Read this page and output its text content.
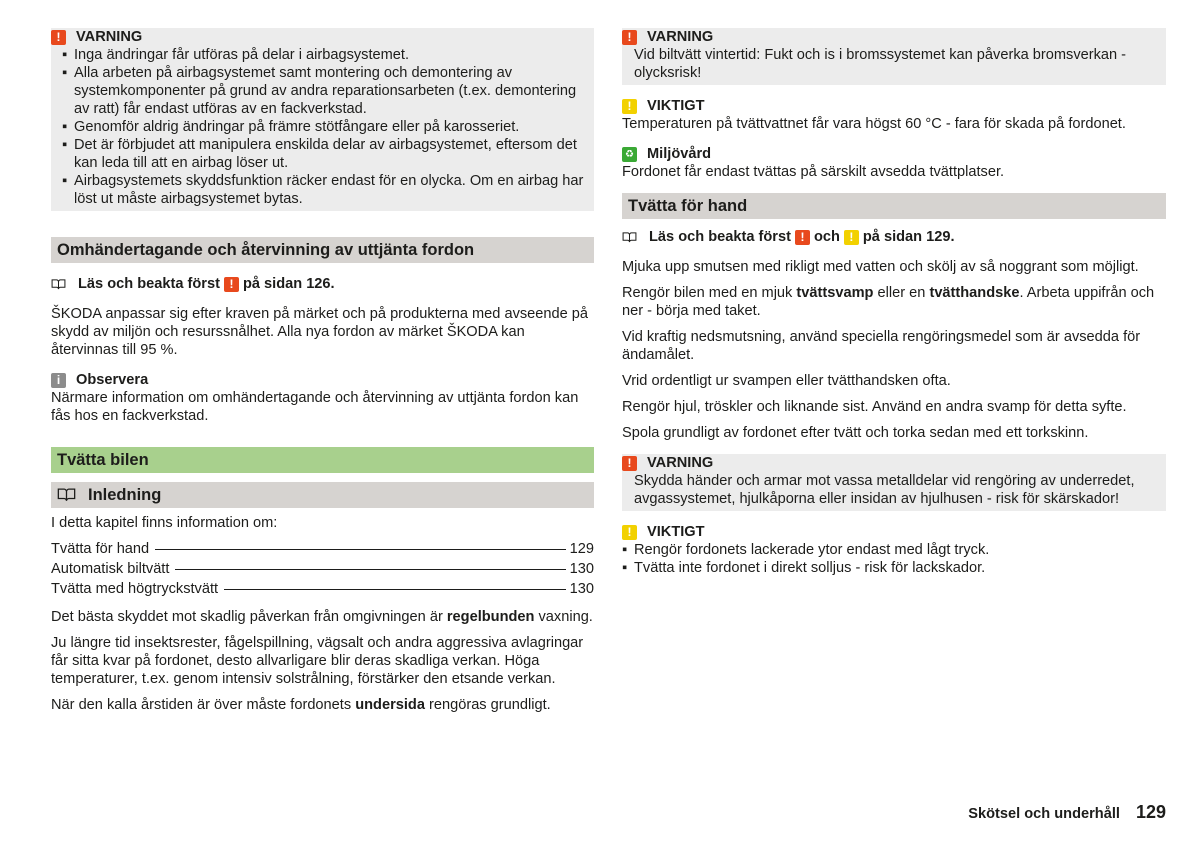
!	VARNING
▪ Inga ändringar får utföras på delar i airbagsystemet.
▪ Alla arbeten på airbagsystemet samt montering och demontering av systemkomponenter på grund av andra reparationsarbeten (t.ex. demontering av ratt) får endast utföras av en fackverkstad.
▪ Genomför aldrig ändringar på främre stötfångare eller på karosseriet.
▪ Det är förbjudet att manipulera enskilda delar av airbagsystemet, eftersom det kan leda till att en airbag löser ut.
▪ Airbagsystemets skyddsfunktion räcker endast för en olycka. Om en airbag har löst ut måste airbagsystemet bytas.
Omhändertagande och återvinning av uttjänta fordon
Läs och beakta först ! på sidan 126.

ŠKODA anpassar sig efter kraven på märket och på produkterna med avseende på skydd av miljön och resurssnålhet. Alla nya fordon av märket ŠKODA kan återvinnas till 95 %.

i	Observera

Närmare information om omhändertagande och återvinning av uttjänta fordon kan fås hos en fackverkstad.

Tvätta bilen
Inledning

I detta kapitel finns information om:

Tvätta för hand	129
Automatisk biltvätt	130
Tvätta med högtryckstvätt	130

Det bästa skyddet mot skadlig påverkan från omgivningen är regelbunden vaxning.

Ju längre tid insektsrester, fågelspillning, vägsalt och andra aggressiva avlagringar får sitta kvar på fordonet, desto allvarligare blir deras skadliga verkan. Höga temperaturer, t.ex. genom intensiv solstrålning, förstärker den etsande verkan.

När den kalla årstiden är över måste fordonets undersida rengöras grundligt.

!	VARNING
Vid biltvätt vintertid: Fukt och is i bromssystemet kan påverka bromsverkan - olycksrisk!
!	VIKTIGT

Temperaturen på tvättvattnet får vara högst 60 °C - fara för skada på fordonet.

♻ Miljövård

Fordonet får endast tvättas på särskilt avsedda tvättplatser.

Tvätta för hand
Läs och beakta först ! och ! på sidan 129.

Mjuka upp smutsen med rikligt med vatten och skölj av så noggrant som möjligt.

Rengör bilen med en mjuk tvättsvamp eller en tvätthandske. Arbeta uppifrån och ner - börja med taket.

Vid kraftig nedsmutsning, använd speciella rengöringsmedel som är avsedda för ändamålet.

Vrid ordentligt ur svampen eller tvätthandsken ofta.

Rengör hjul, tröskler och liknande sist. Använd en andra svamp för detta syfte.

Spola grundligt av fordonet efter tvätt och torka sedan med ett torkskinn.

!	VARNING
Skydda händer och armar mot vassa metalldelar vid rengöring av underredet, avgassystemet, hjulkåporna eller insidan av hjulhusen - risk för skärskador!
!	VIKTIGT
▪ Rengör fordonets lackerade ytor endast med lågt tryck.
▪ Tvätta inte fordonet i direkt solljus - risk för lackskador.
Skötsel och underhåll 129
